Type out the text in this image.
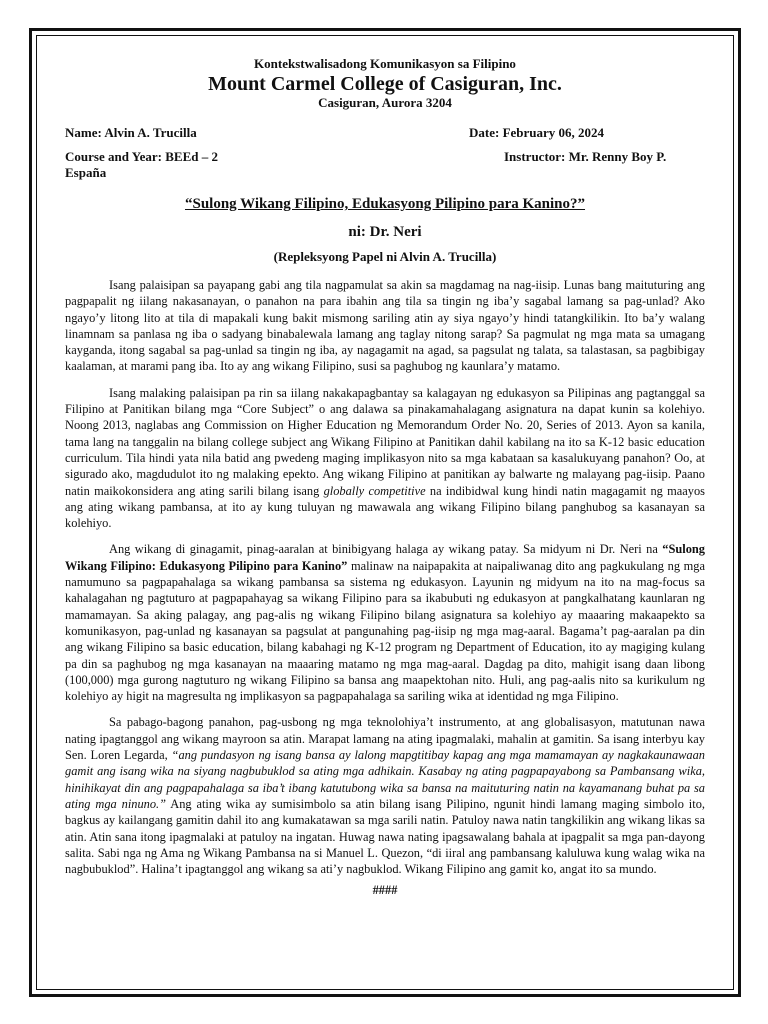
Kontekstwalisadong Komunikasyon sa Filipino
Mount Carmel College of Casiguran, Inc.
Casiguran, Aurora 3204
Name: Alvin A. Trucilla	Date: February 06, 2024
Course and Year: BEEd – 2	Instructor: Mr. Renny Boy P.
España
“Sulong Wikang Filipino, Edukasyong Pilipino para Kanino?”
ni: Dr. Neri
(Repleksyong Papel ni Alvin A. Trucilla)

Isang palaisipan sa payapang gabi ang tila nagpamulat sa akin sa magdamag na nag-iisip. Lunas bang maituturing ang pagpapalit ng iilang nakasanayan, o panahon na para ibahin ang tila sa tingin ng iba’y sagabal lamang sa pag-unlad? Ako ngayo’y litong lito at tila di mapakali kung bakit mismong sariling atin ay siya ngayo’y hindi tatangkilikin. Ito ba’y walang linamnam sa panlasa ng iba o sadyang binabalewala lamang ang taglay nitong sarap? Sa pagmulat ng mga mata sa umagang kayganda, itong sagabal sa pag-unlad sa tingin ng iba, ay nagagamit na agad, sa pagsulat ng talata, sa talastasan, sa pagbibigay kaalaman, at marami pang iba. Ito ay ang wikang Filipino, susi sa paghubog ng kaunlara’y matamo.

Isang malaking palaisipan pa rin sa iilang nakakapagbantay sa kalagayan ng edukasyon sa Pilipinas ang pagtanggal sa Filipino at Panitikan bilang mga “Core Subject” o ang dalawa sa pinakamahalagang asignatura na dapat kunin sa kolehiyo. Noong 2013, naglabas ang Commission on Higher Education ng Memorandum Order No. 20, Series of 2013. Ayon sa kanila, tama lang na tanggalin na bilang college subject ang Wikang Filipino at Panitikan dahil kabilang na ito sa K-12 basic education curriculum. Tila hindi yata nila batid ang pwedeng maging implikasyon nito sa mga kabataan sa kasalukuyang panahon? Oo, at sigurado ako, magdudulot ito ng malaking epekto. Ang wikang Filipino at panitikan ay balwarte ng malayang pag-iisip. Paano natin maikokonsidera ang ating sarili bilang isang globally competitive na indibidwal kung hindi natin magagamit ng maayos ang ating wikang pambansa, at ito ay kung tuluyan ng mawawala ang wikang Filipino bilang panghubog sa kasanayan sa kolehiyo.

Ang wikang di ginagamit, pinag-aaralan at binibigyang halaga ay wikang patay. Sa midyum ni Dr. Neri na “Sulong Wikang Filipino: Edukasyong Pilipino para Kanino” malinaw na naipapakita at naipaliwanag dito ang pagkukulang ng mga namumuno sa pagpapahalaga sa wikang pambansa sa sistema ng edukasyon. Layunin ng midyum na ito na mag-focus sa kahalagahan ng pagtuturo at pagpapahayag sa wikang Filipino para sa ikabubuti ng edukasyon at pangkalhatang kaunlaran ng mamamayan. Sa aking palagay, ang pag-alis ng wikang Filipino bilang asignatura sa kolehiyo ay maaaring makaapekto sa komunikasyon, pag-unlad ng kasanayan sa pagsulat at pangunahing pag-iisip ng mga mag-aaral. Bagama’t pag-aaralan pa din ang wikang Filipino sa basic education, bilang kabahagi ng K-12 program ng Department of Education, ito ay magiging kulang pa din sa paghubog ng mga kasanayan na maaaring matamo ng mga mag-aaral. Dagdag pa dito, mahigit isang daan libong (100,000) mga gurong nagtuturo ng wikang Filipino sa bansa ang maapektohan nito. Huli, ang pag-aalis nito sa kurikulum ng kolehiyo ay higit na magresulta ng implikasyon sa pagpapahalaga sa sariling wika at identidad ng mga Filipino.

Sa pabago-bagong panahon, pag-usbong ng mga teknolohiya’t instrumento, at ang globalisasyon, matutunan nawa nating ipagtanggol ang wikang mayroon sa atin. Marapat lamang na ating ipagmalaki, mahalin at gamitin. Sa isang interbyu kay Sen. Loren Legarda, “ang pundasyon ng isang bansa ay lalong mapgtitibay kapag ang mga mamamayan ay nagkakaunawaan gamit ang isang wika na siyang nagbubuklod sa ating mga adhikain. Kasabay ng ating pagpapayabong sa Pambansang wika, hinihikayat din ang pagpapahalaga sa iba’t ibang katutubong wika sa bansa na maituturing natin na kayamanang buhat pa sa ating mga ninuno.” Ang ating wika ay sumisimbolo sa atin bilang isang Pilipino, ngunit hindi lamang maging simbolo ito, bagkus ay kailangang gamitin dahil ito ang kumakatawan sa mga sarili natin. Patuloy nawa natin tangkilikin ang wikang likas sa atin. Atin sana itong ipagmalaki at patuloy na ingatan. Huwag nawa nating ipagsawalang bahala at ipagpalit sa mga pan-dayong salita. Sabi nga ng Ama ng Wikang Pambansa na si Manuel L. Quezon, “di iiral ang pambansang kaluluwa kung walag wika na nagbubuklod”. Halina’t ipagtanggol ang wikang sa ati’y nagbuklod. Wikang Filipino ang gamit ko, angat ito sa mundo.

####
